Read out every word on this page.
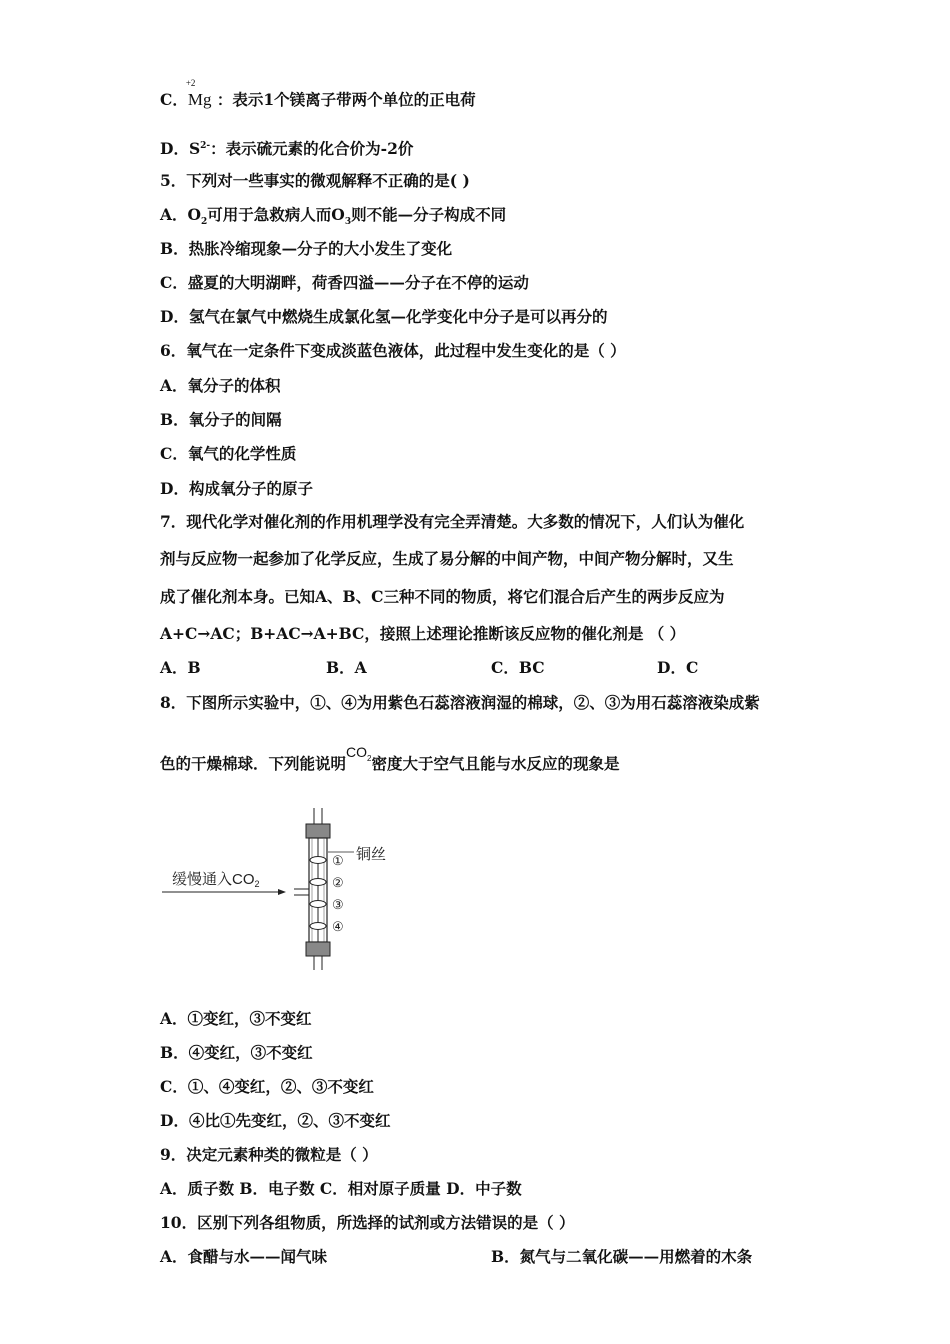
C．
+2
Mg ：表示1个镁离子带两个单位的正电荷
D．$S^{2-}$：表示硫元素的化合价为-2价
5．下列对一些事实的微观解释不正确的是( )
A．$O_2$可用于急救病人而$O_3$则不能—分子构成不同
B．热胀冷缩现象—分子的大小发生了变化
C．盛夏的大明湖畔，荷香四溢——分子在不停的运动
D．氢气在氯气中燃烧生成氯化氢—化学变化中分子是可以再分的
6．氧气在一定条件下变成淡蓝色液体，此过程中发生变化的是（ ）
A．氧分子的体积
B．氧分子的间隔
C．氧气的化学性质
D．构成氧分子的原子
7．现代化学对催化剂的作用机理学没有完全弄清楚。大多数的情况下，人们认为催化
剂与反应物一起参加了化学反应，生成了易分解的中间产物，中间产物分解时，又生
成了催化剂本身。已知A、B、C三种不同的物质，将它们混合后产生的两步反应为
A+C→AC；B+AC→A+BC，接照上述理论推断该反应物的催化剂是 （ ）
A．B	B．A	C．BC	D．C
8．下图所示实验中，①、④为用紫色石蕊溶液润湿的棉球，②、③为用石蕊溶液染成紫
色的干燥棉球．下列能说明$CO_2$密度大于空气且能与水反应的现象是
缓慢通入$CO_2$
铜丝
①
②
③
④
A．①变红，③不变红
B．④变红，③不变红
C．①、④变红，②、③不变红
D．④比①先变红，②、③不变红
9．决定元素种类的微粒是（ ）
A．质子数 B．电子数 C．相对原子质量 D．中子数
10．区别下列各组物质，所选择的试剂或方法错误的是（ ）
A．食醋与水——闻气味	B．氮气与二氧化碳——用燃着的木条
